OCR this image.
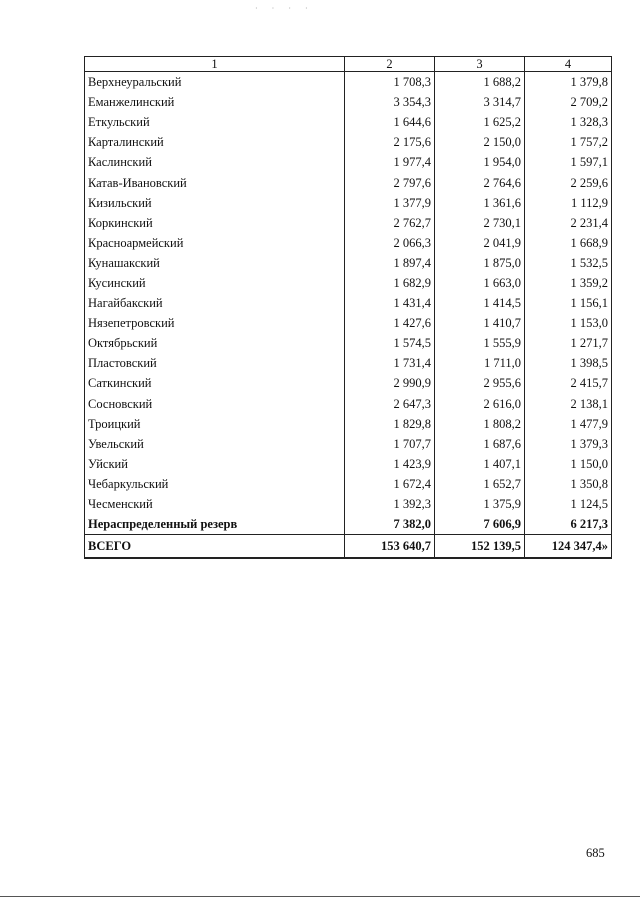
· · · ·
1	2	3	4
Верхнеуральский	1 708,3	1 688,2	1 379,8
Еманжелинский	3 354,3	3 314,7	2 709,2
Еткульский	1 644,6	1 625,2	1 328,3
Карталинский	2 175,6	2 150,0	1 757,2
Каслинский	1 977,4	1 954,0	1 597,1
Катав-Ивановский	2 797,6	2 764,6	2 259,6
Кизильский	1 377,9	1 361,6	1 112,9
Коркинский	2 762,7	2 730,1	2 231,4
Красноармейский	2 066,3	2 041,9	1 668,9
Кунашакский	1 897,4	1 875,0	1 532,5
Кусинский	1 682,9	1 663,0	1 359,2
Нагайбакский	1 431,4	1 414,5	1 156,1
Нязепетровский	1 427,6	1 410,7	1 153,0
Октябрьский	1 574,5	1 555,9	1 271,7
Пластовский	1 731,4	1 711,0	1 398,5
Саткинский	2 990,9	2 955,6	2 415,7
Сосновский	2 647,3	2 616,0	2 138,1
Троицкий	1 829,8	1 808,2	1 477,9
Увельский	1 707,7	1 687,6	1 379,3
Уйский	1 423,9	1 407,1	1 150,0
Чебаркульский	1 672,4	1 652,7	1 350,8
Чесменский	1 392,3	1 375,9	1 124,5
Нераспределенный резерв	7 382,0	7 606,9	6 217,3
ВСЕГО	153 640,7	152 139,5	124 347,4»
685
